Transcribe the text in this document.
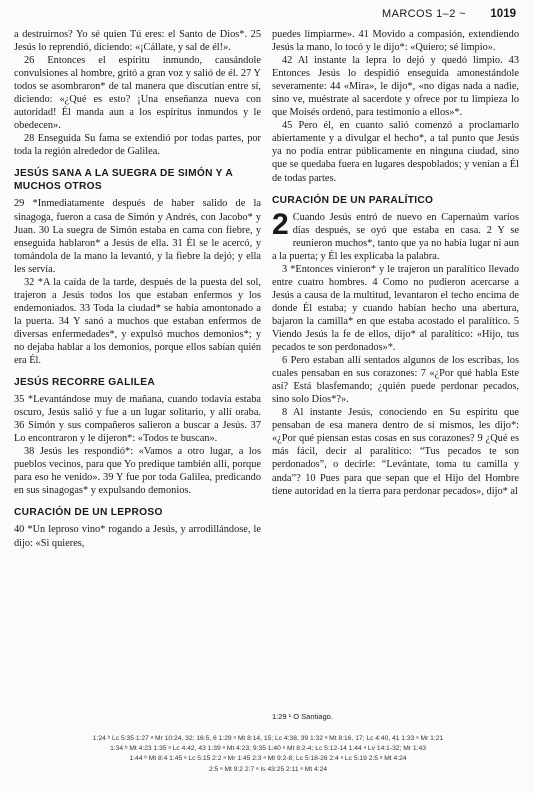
MARCOS 1–2 ~ 1019

a destruirnos? Yo sé quien Tú eres: el Santo de Dios*. 25 Jesús lo reprendió, diciendo: «¡Cállate, y sal de él!».

26 Entonces el espíritu inmundo, causándole convulsiones al hombre, gritó a gran voz y salió de él. 27 Y todos se asombraron* de tal manera que discutían entre sí, diciendo: «¿Qué es esto? ¡Una enseñanza nueva con autoridad! Él manda aun a los espíritus inmundos y le obedecen».

28 Enseguida Su fama se extendió por todas partes, por toda la región alrededor de Galilea.

JESÚS SANA A LA SUEGRA DE SIMÓN Y A MUCHOS OTROS

29 *Inmediatamente después de haber salido de la sinagoga, fueron a casa de Simón y Andrés, con Jacobo* y Juan. 30 La suegra de Simón estaba en cama con fiebre, y enseguida hablaron* a Jesús de ella. 31 Él se le acercó, y tomándola de la mano la levantó, y la fiebre la dejó; y ella les servía.

32 *A la caída de la tarde, después de la puesta del sol, trajeron a Jesús todos los que estaban enfermos y los endemoniados. 33 Toda la ciudad* se había amontonado a la puerta. 34 Y sanó a muchos que estaban enfermos de diversas enfermedades*, y expulsó muchos demonios*; y no dejaba hablar a los demonios, porque ellos sabían quién era Él.

JESÚS RECORRE GALILEA

35 *Levantándose muy de mañana, cuando todavía estaba oscuro, Jesús salió y fue a un lugar solitario, y allí oraba. 36 Simón y sus compañeros salieron a buscar a Jesús. 37 Lo encontraron y le dijeron*: «Todos te buscan».

38 Jesús les respondió*: «Vamos a otro lugar, a los pueblos vecinos, para que Yo predique también allí, porque para eso he venido». 39 Y fue por toda Galilea, predicando en sus sinagogas* y expulsando demonios.

CURACIÓN DE UN LEPROSO

40 *Un leproso vino* rogando a Jesús, y arrodillándose, le dijo: «Si quieres,

puedes limpiarme». 41 Movido a compasión, extendiendo Jesús la mano, lo tocó y le dijo*: «Quiero; sé limpio».

42 Al instante la lepra lo dejó y quedó limpio. 43 Entonces Jesús lo despidió enseguida amonestándole severamente: 44 «Mira», le dijo*, «no digas nada a nadie, sino ve, muéstrate al sacerdote y ofrece por tu limpieza lo que Moisés ordenó, para testimonio a ellos»*.

45 Pero él, en cuanto salió comenzó a proclamarlo abiertamente y a divulgar el hecho*, a tal punto que Jesús ya no podía entrar públicamente en ninguna ciudad, sino que se quedaba fuera en lugares despoblados; y venían a Él de todas partes.

CURACIÓN DE UN PARALÍTICO

2 Cuando Jesús entró de nuevo en Capernaúm varios días después, se oyó que estaba en casa. 2 Y se reunieron muchos*, tanto que ya no había lugar ni aun a la puerta; y Él les explicaba la palabra.

3 *Entonces vinieron* y le trajeron un paralítico llevado entre cuatro hombres. 4 Como no pudieron acercarse a Jesús a causa de la multitud, levantaron el techo encima de donde Él estaba; y cuando habían hecho una abertura, bajaron la camilla* en que estaba acostado el paralítico. 5 Viendo Jesús la fe de ellos, dijo* al paralítico: «Hijo, tus pecados te son perdonados»*.

6 Pero estaban allí sentados algunos de los escribas, los cuales pensaban en sus corazones: 7 «¿Por qué habla Este así? Está blasfemando; ¿quién puede perdonar pecados, sino solo Dios*?».

8 Al instante Jesús, conociendo en Su espíritu que pensaban de esa manera dentro de sí mismos, les dijo*: «¿Por qué piensan estas cosas en sus corazones? 9 ¿Qué es más fácil, decir al paralítico: “Tus pecados te son perdonados”, o decirle: “Levántate, toma tu camilla y anda”? 10 Pues para que sepan que el Hijo del Hombre tiene autoridad en la tierra para perdonar pecados», dijo* al

1:29 ¹ O Santiago.
1:24 ᵇ Lc 5:35 1:27 ᵃ Mr 10:24, 32; 16:5, 6 1:29 ᵃ Mt 8:14, 15; Lc 4:38, 39 1:32 ᵃ Mt 8:16, 17; Lc 4:40, 41 1:33 ᵃ Mr 1:21
1:34 ᵇ Mt 4:23 1:35 ᵃ Lc 4:42, 43 1:39 ᵃ Mt 4:23; 9:35 1:40 ᵃ Mt 8:2-4; Lc 5:12-14 1:44 ᵃ Lv 14:1-32; Mr 1:43
1:44 ᵇ Mt 8:4 1:45 ᵃ Lc 5:15 2:2 ᵃ Mr 1:45 2:3 ᵃ Mt 9:2-8; Lc 5:18-26 2:4 ᵃ Lc 5:19 2:5 ᵃ Mt 4:24
2:5 ᵃ Mt 9:2 2:7 ᵃ Is 43:25 2:11 ᵃ Mt 4:24
